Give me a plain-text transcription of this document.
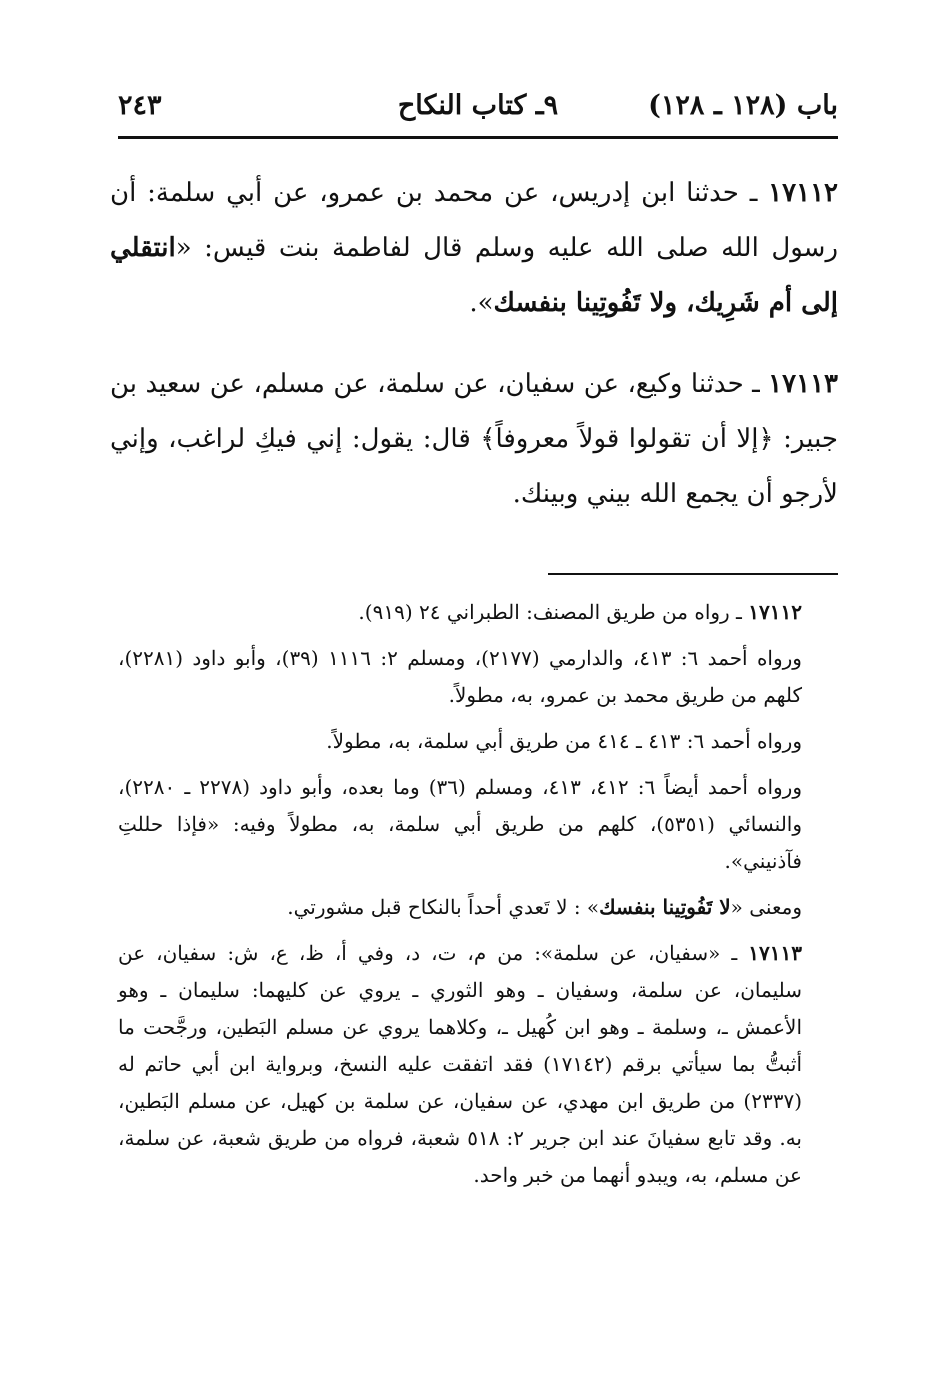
باب (١٢٨ ـ ١٢٨)
٩ـ كتاب النكاح
٢٤٣

١٧١١٢ ـ حدثنا ابن إدريس، عن محمد بن عمرو، عن أبي سلمة: أن رسول الله صلى الله عليه وسلم قال لفاطمة بنت قيس: «انتقلي إلى أم شَرِيك، ولا تَفُوتِينا بنفسك».

١٧١١٣ ـ حدثنا وكيع، عن سفيان، عن سلمة، عن مسلم، عن سعيد بن جبير: ﴿إلا أن تقولوا قولاً معروفاً﴾ قال: يقول: إني فيكِ لراغب، وإني لأرجو أن يجمع الله بيني وبينك.

١٧١١٢ ـ رواه من طريق المصنف: الطبراني ٢٤ (٩١٩).

ورواه أحمد ٦: ٤١٣، والدارمي (٢١٧٧)، ومسلم ٢: ١١١٦ (٣٩)، وأبو داود (٢٢٨١)، كلهم من طريق محمد بن عمرو، به، مطولاً.

ورواه أحمد ٦: ٤١٣ ـ ٤١٤ من طريق أبي سلمة، به، مطولاً.

ورواه أحمد أيضاً ٦: ٤١٢، ٤١٣، ومسلم (٣٦) وما بعده، وأبو داود (٢٢٧٨ ـ ٢٢٨٠)، والنسائي (٥٣٥١)، كلهم من طريق أبي سلمة، به، مطولاً وفيه: «فإذا حللتِ فآذنيني».

ومعنى «لا تَفُوتِينا بنفسك» : لا تَعدي أحداً بالنكاح قبل مشورتي.

١٧١١٣ ـ «سفيان، عن سلمة»: من م، ت، د، وفي أ، ظ، ع، ش: سفيان، عن سليمان، عن سلمة، وسفيان ـ وهو الثوري ـ يروي عن كليهما: سليمان ـ وهو الأعمش ـ، وسلمة ـ وهو ابن كُهيل ـ، وكلاهما يروي عن مسلم البَطين، ورجَّحت ما أثبتُّ بما سيأتي برقم (١٧١٤٢) فقد اتفقت عليه النسخ، وبرواية ابن أبي حاتم له (٢٣٣٧) من طريق ابن مهدي، عن سفيان، عن سلمة بن كهيل، عن مسلم البَطين، به. وقد تابع سفيانَ عند ابن جرير ٢: ٥١٨ شعبة، فرواه من طريق شعبة، عن سلمة، عن مسلم، به، ويبدو أنهما من خبر واحد.
